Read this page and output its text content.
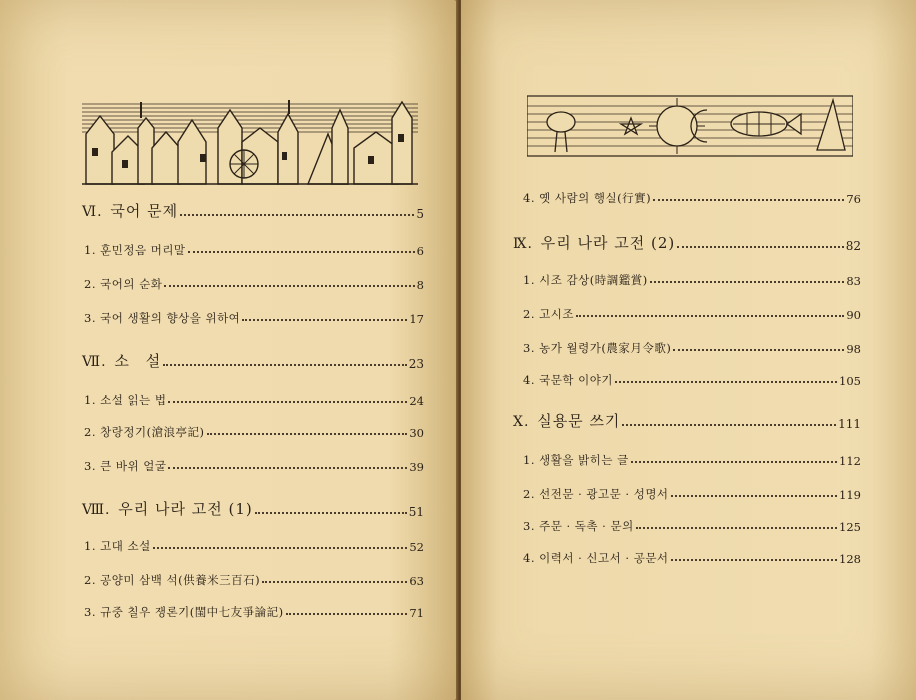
Ⅵ. 국어 문제	5
1. 훈민정음 머리말	6
2. 국어의 순화	8
3. 국어 생활의 향상을 위하여	17
Ⅶ. 소　설	23
1. 소설 읽는 법	24
2. 창랑정기(滄浪亭記)	30
3. 큰 바위 얼굴	39
Ⅷ. 우리 나라 고전 (1)	51
1. 고대 소설	52
2. 공양미 삼백 석(供養米三百石)	63
3. 규중 칠우 쟁론기(閨中七友爭論記)	71
4. 옛 사람의 행실(行實)	76
Ⅸ. 우리 나라 고전 (2)	82
1. 시조 감상(時調鑑賞)	83
2. 고시조	90
3. 농가 월령가(農家月令歌)	98
4. 국문학 이야기	105
Ⅹ. 실용문 쓰기	111
1. 생활을 밝히는 글	112
2. 선전문 · 광고문 · 성명서	119
3. 주문 · 독촉 · 문의	125
4. 이력서 · 신고서 · 공문서	128
